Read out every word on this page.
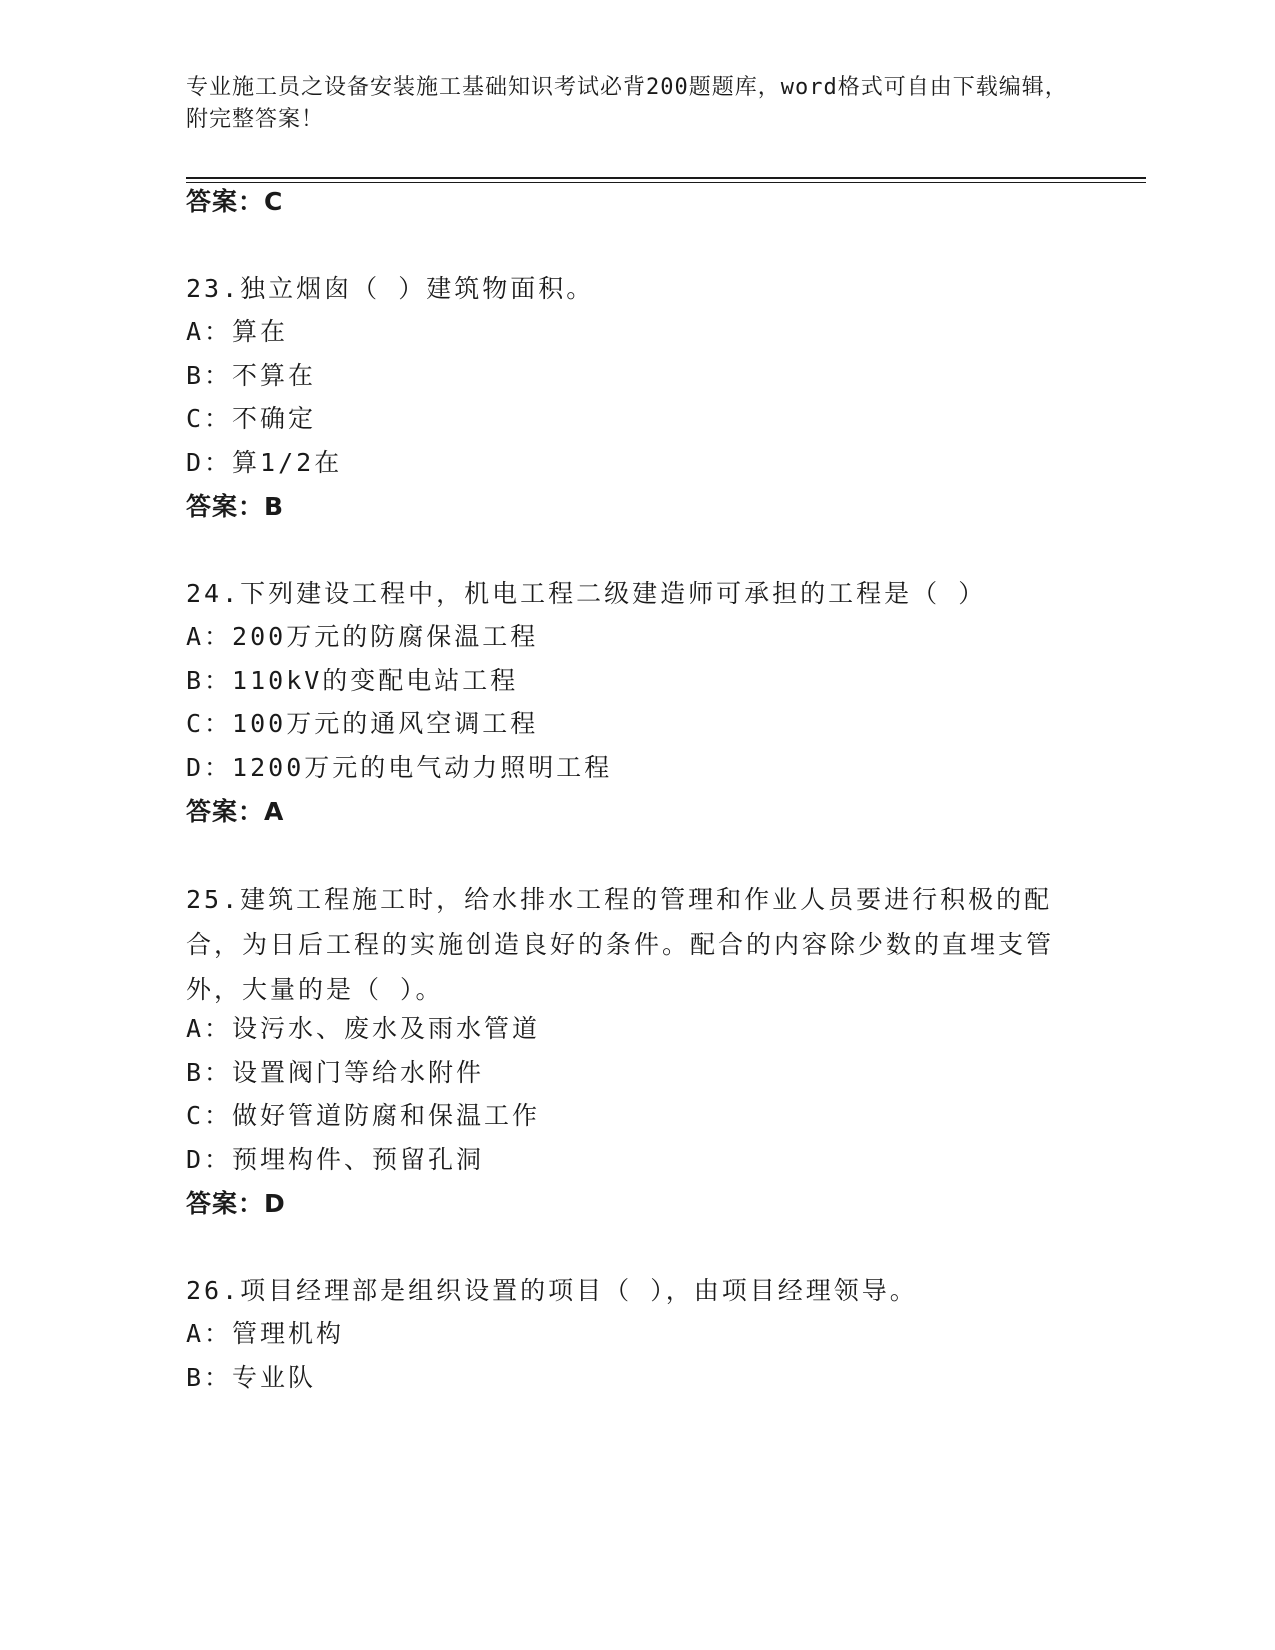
专业施工员之设备安装施工基础知识考试必背200题题库，word格式可自由下载编辑，附完整答案！

答案：C
23.独立烟囱（ ）建筑物面积。
A：算在
B：不算在
C：不确定
D：算1/2在
答案：B
24.下列建设工程中，机电工程二级建造师可承担的工程是（ ）
A：200万元的防腐保温工程
B：110kV的变配电站工程
C：100万元的通风空调工程
D：1200万元的电气动力照明工程
答案：A

25.建筑工程施工时，给水排水工程的管理和作业人员要进行积极的配合，为日后工程的实施创造良好的条件。配合的内容除少数的直埋支管外，大量的是（ ）。

A：设污水、废水及雨水管道
B：设置阀门等给水附件
C：做好管道防腐和保温工作
D：预埋构件、预留孔洞
答案：D
26.项目经理部是组织设置的项目（ ），由项目经理领导。
A：管理机构
B：专业队
